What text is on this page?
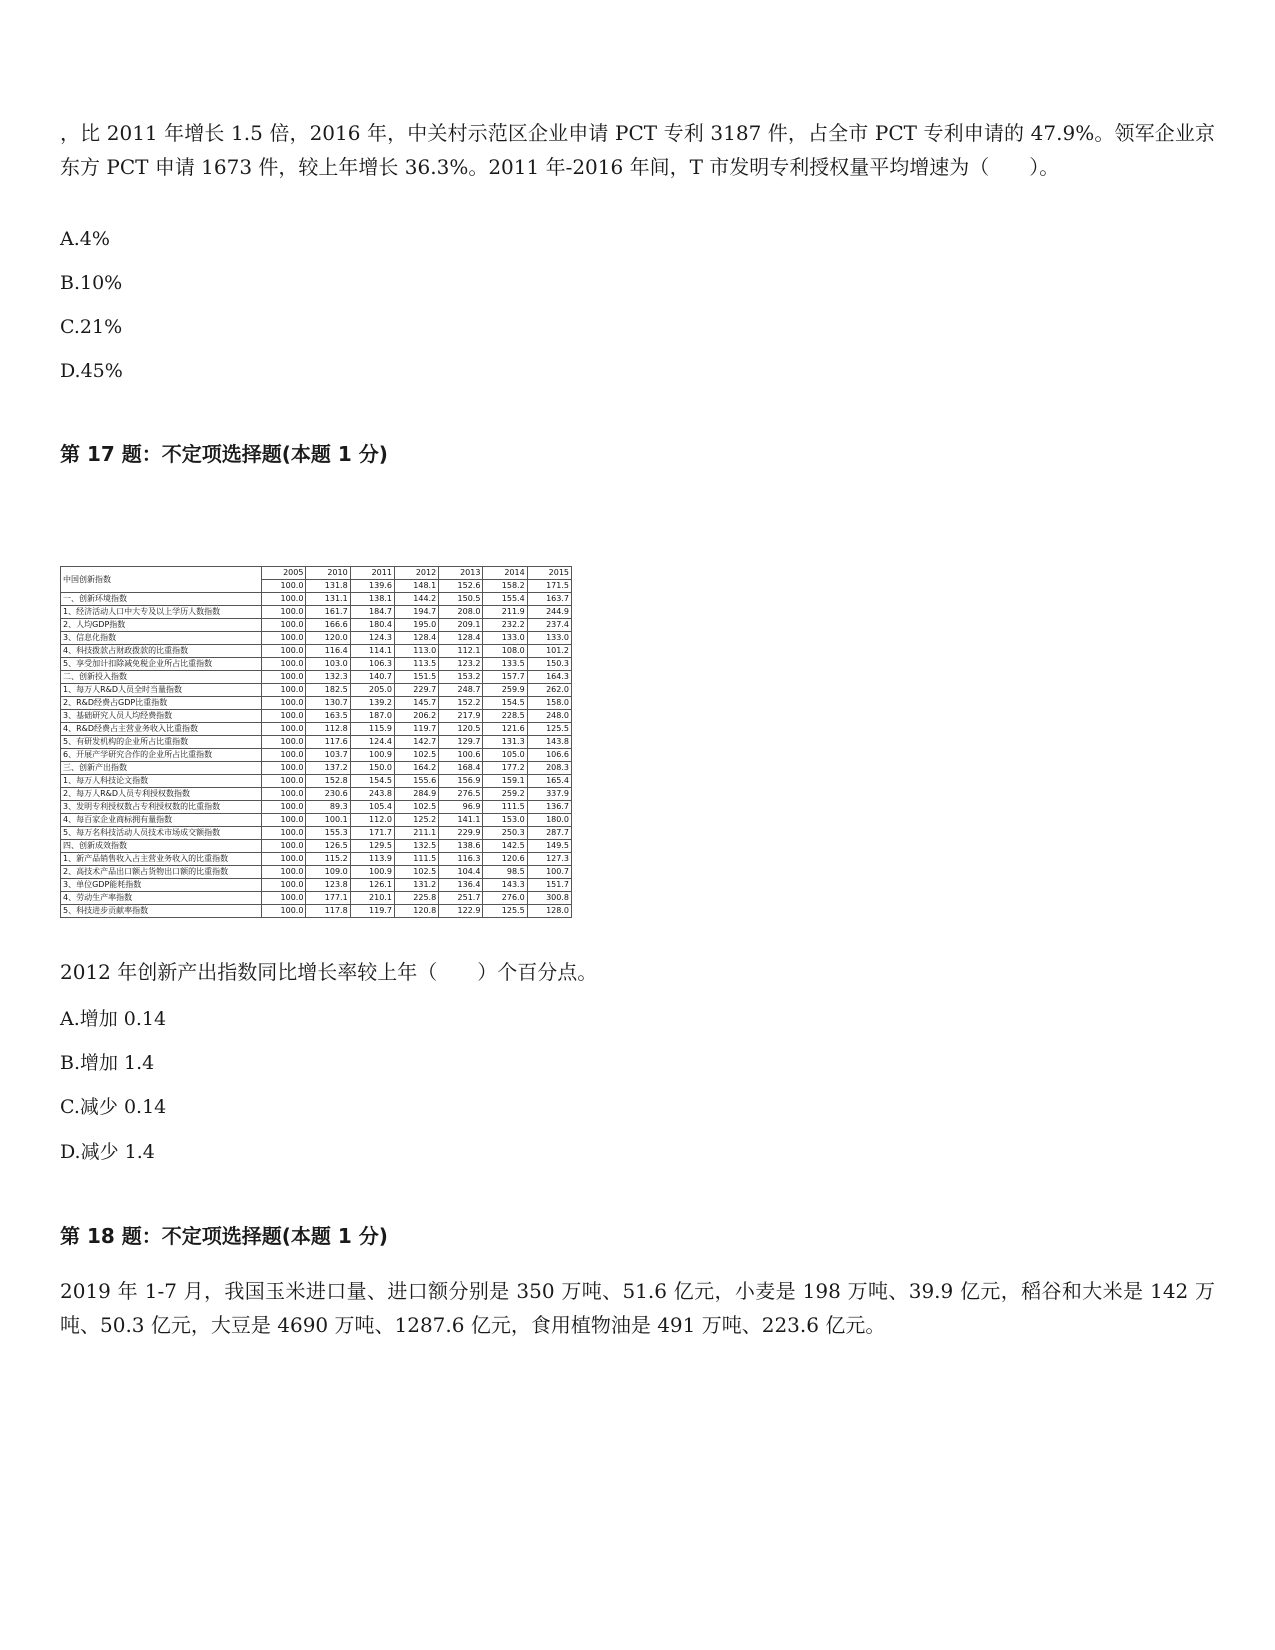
，比 2011 年增长 1.5 倍，2016 年，中关村示范区企业申请 PCT 专利 3187 件，占全市 PCT 专利申请的 47.9%。领军企业京东方 PCT 申请 1673 件，较上年增长 36.3%。2011 年-2016 年间，T 市发明专利授权量平均增速为（　　）。

A.4%

B.10%

C.21%

D.45%

第 17 题：不定项选择题(本题 1 分)
中国创新指数	2005	2010	2011	2012	2013	2014	2015
	100.0	131.8	139.6	148.1	152.6	158.2	171.5
一、创新环境指数	100.0	131.1	138.1	144.2	150.5	155.4	163.7
1、经济活动人口中大专及以上学历人数指数	100.0	161.7	184.7	194.7	208.0	211.9	244.9
2、人均GDP指数	100.0	166.6	180.4	195.0	209.1	232.2	237.4
3、信息化指数	100.0	120.0	124.3	128.4	128.4	133.0	133.0
4、科技拨款占财政拨款的比重指数	100.0	116.4	114.1	113.0	112.1	108.0	101.2
5、享受加计扣除减免税企业所占比重指数	100.0	103.0	106.3	113.5	123.2	133.5	150.3
二、创新投入指数	100.0	132.3	140.7	151.5	153.2	157.7	164.3
1、每万人R&D人员全时当量指数	100.0	182.5	205.0	229.7	248.7	259.9	262.0
2、R&D经费占GDP比重指数	100.0	130.7	139.2	145.7	152.2	154.5	158.0
3、基础研究人员人均经费指数	100.0	163.5	187.0	206.2	217.9	228.5	248.0
4、R&D经费占主营业务收入比重指数	100.0	112.8	115.9	119.7	120.5	121.6	125.5
5、有研发机构的企业所占比重指数	100.0	117.6	124.4	142.7	129.7	131.3	143.8
6、开展产学研究合作的企业所占比重指数	100.0	103.7	100.9	102.5	100.6	105.0	106.6
三、创新产出指数	100.0	137.2	150.0	164.2	168.4	177.2	208.3
1、每万人科技论文指数	100.0	152.8	154.5	155.6	156.9	159.1	165.4
2、每万人R&D人员专利授权数指数	100.0	230.6	243.8	284.9	276.5	259.2	337.9
3、发明专利授权数占专利授权数的比重指数	100.0	89.3	105.4	102.5	96.9	111.5	136.7
4、每百家企业商标拥有量指数	100.0	100.1	112.0	125.2	141.1	153.0	180.0
5、每万名科技活动人员技术市场成交额指数	100.0	155.3	171.7	211.1	229.9	250.3	287.7
四、创新成效指数	100.0	126.5	129.5	132.5	138.6	142.5	149.5
1、新产品销售收入占主营业务收入的比重指数	100.0	115.2	113.9	111.5	116.3	120.6	127.3
2、高技术产品出口额占货物出口额的比重指数	100.0	109.0	100.9	102.5	104.4	98.5	100.7
3、单位GDP能耗指数	100.0	123.8	126.1	131.2	136.4	143.3	151.7
4、劳动生产率指数	100.0	177.1	210.1	225.8	251.7	276.0	300.8
5、科技进步贡献率指数	100.0	117.8	119.7	120.8	122.9	125.5	128.0

2012 年创新产出指数同比增长率较上年（　　）个百分点。

A.增加 0.14

B.增加 1.4

C.减少 0.14

D.减少 1.4

第 18 题：不定项选择题(本题 1 分)

2019 年 1-7 月，我国玉米进口量、进口额分别是 350 万吨、51.6 亿元，小麦是 198 万吨、39.9 亿元，稻谷和大米是 142 万吨、50.3 亿元，大豆是 4690 万吨、1287.6 亿元，食用植物油是 491 万吨、223.6 亿元。
